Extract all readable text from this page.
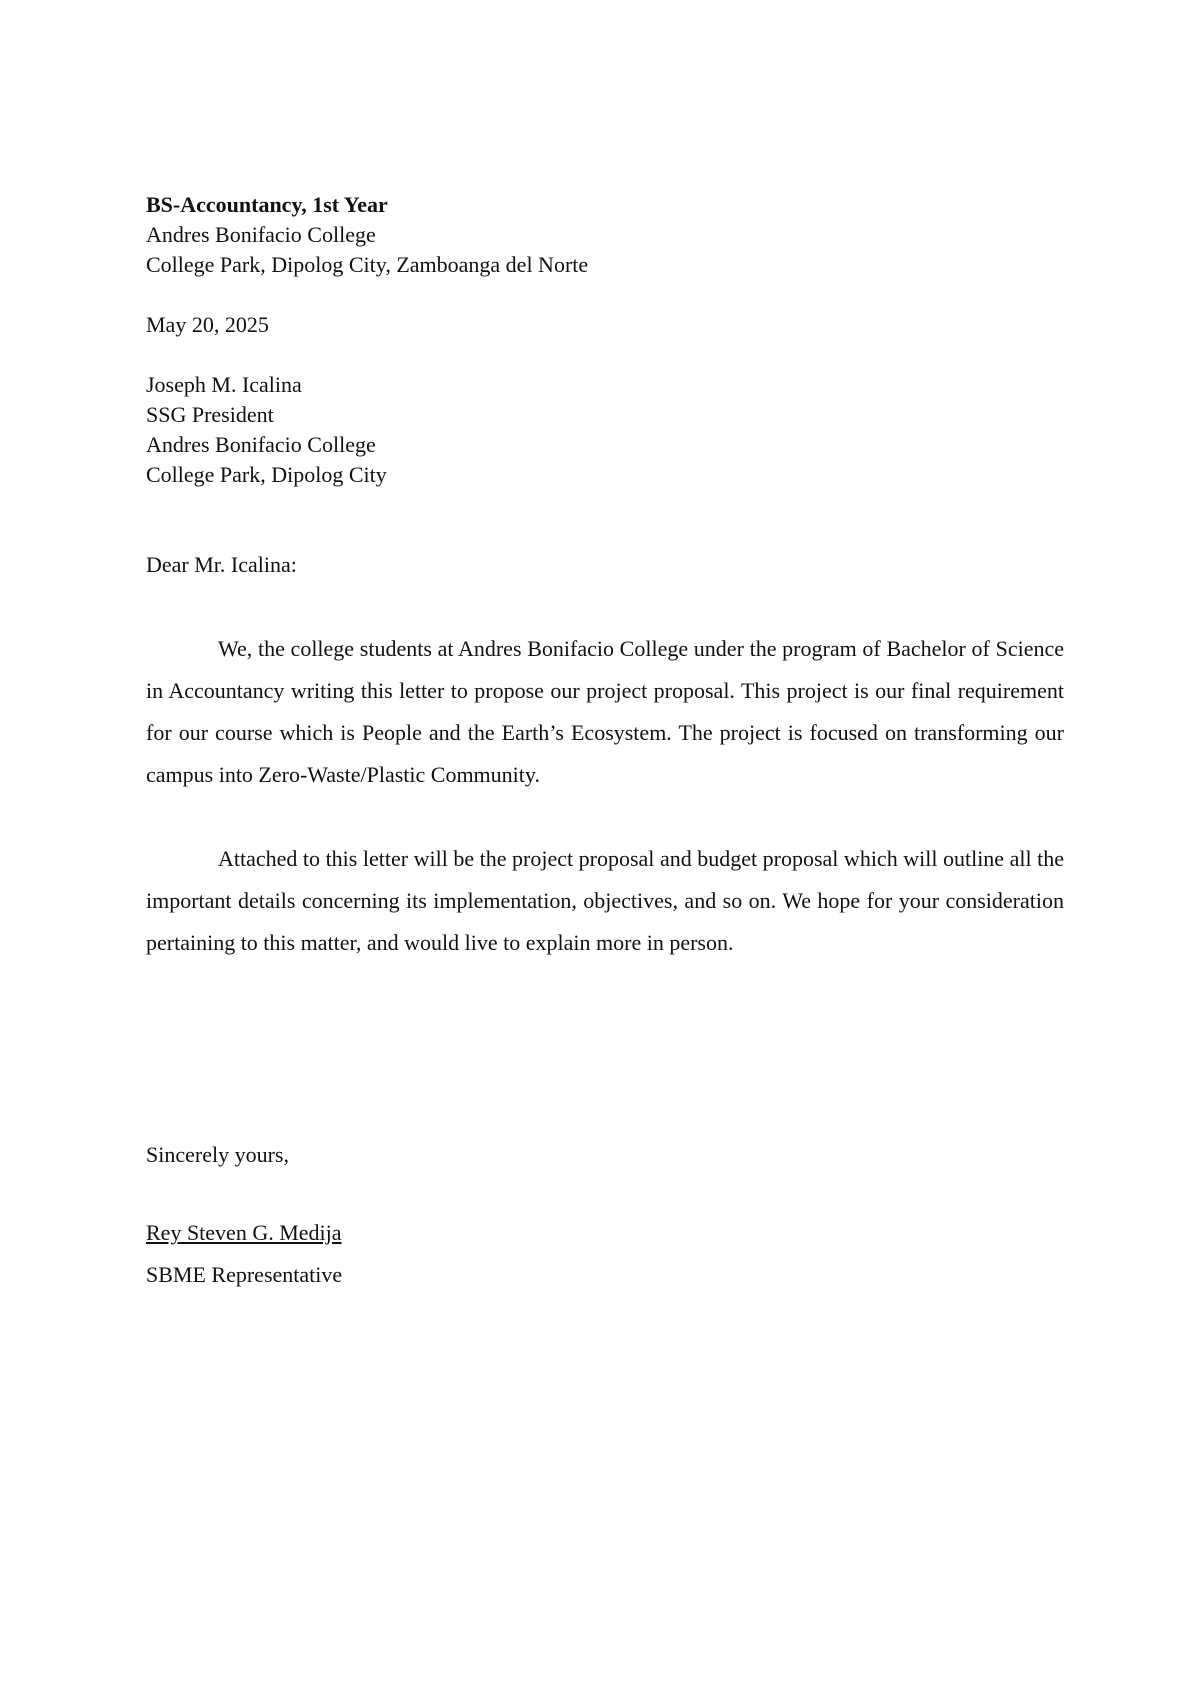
BS-Accountancy, 1st Year
Andres Bonifacio College
College Park, Dipolog City, Zamboanga del Norte
May 20, 2025
Joseph M. Icalina
SSG President
Andres Bonifacio College
College Park, Dipolog City
Dear Mr. Icalina:

We, the college students at Andres Bonifacio College under the program of Bachelor of Science in Accountancy writing this letter to propose our project proposal. This project is our final requirement for our course which is People and the Earth’s Ecosystem. The project is focused on transforming our campus into Zero-Waste/Plastic Community.

Attached to this letter will be the project proposal and budget proposal which will outline all the important details concerning its implementation, objectives, and so on. We hope for your consideration pertaining to this matter, and would live to explain more in person.

Sincerely yours,
Rey Steven G. Medija
SBME Representative
